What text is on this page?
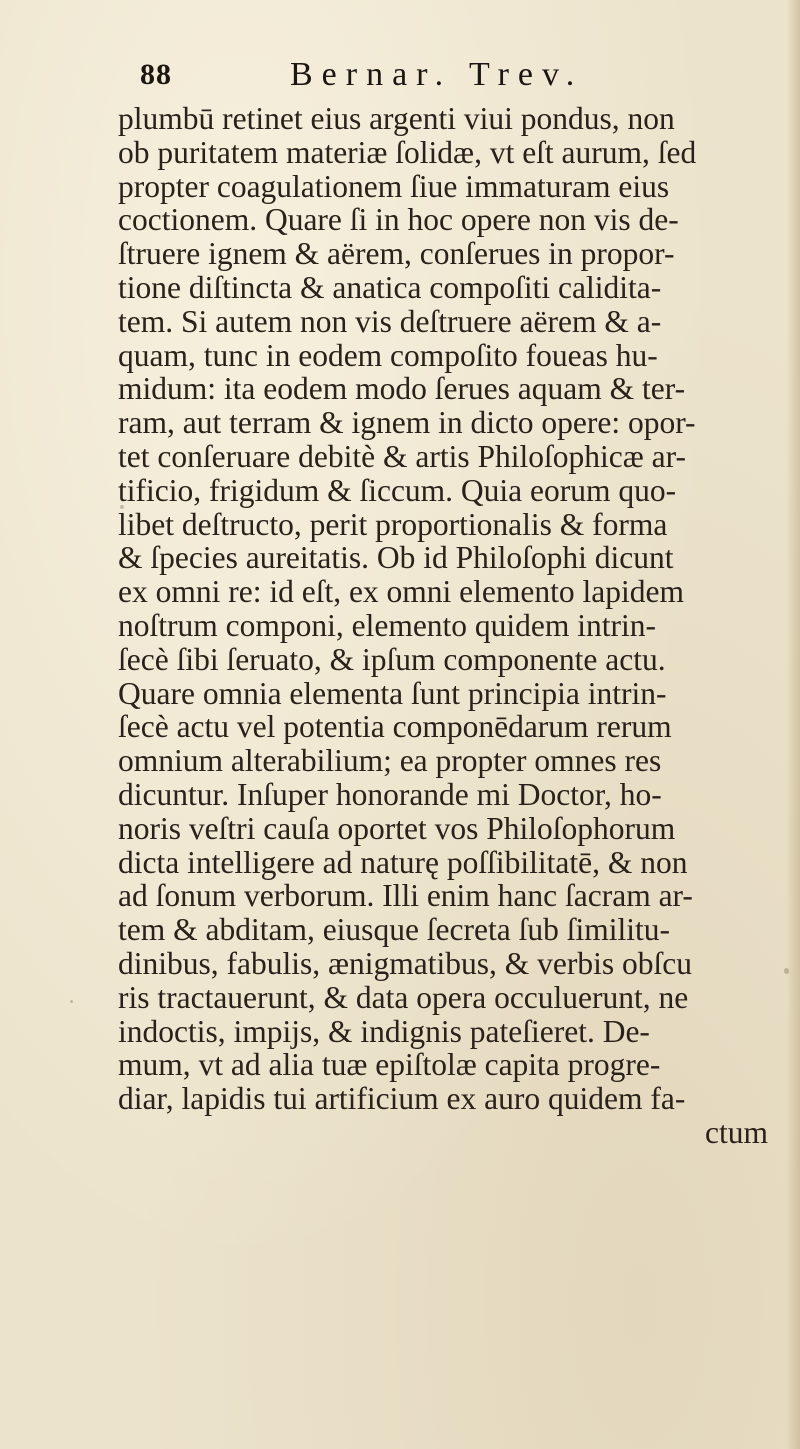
88	Bernar. Trev.
plumbū retinet eius argenti viui pondus, non
ob puritatem materiæ ſolidæ, vt eſt aurum, ſed
propter coagulationem ſiue immaturam eius
coctionem. Quare ſi in hoc opere non vis de-
ſtruere ignem & aërem, conſerues in propor-
tione diſtincta & anatica compoſiti calidita-
tem. Si autem non vis deſtruere aërem & a-
quam, tunc in eodem compoſito foueas hu-
midum: ita eodem modo ſerues aquam & ter-
ram, aut terram & ignem in dicto opere: opor-
tet conſeruare debitè & artis Philoſophicæ ar-
tificio, frigidum & ſiccum. Quia eorum quo-
libet deſtructo, perit proportionalis & forma
& ſpecies aureitatis. Ob id Philoſophi dicunt
ex omni re: id eſt, ex omni elemento lapidem
noſtrum componi, elemento quidem intrin-
ſecè ſibi ſeruato, & ipſum componente actu.
Quare omnia elementa ſunt principia intrin-
ſecè actu vel potentia componēdarum rerum
omnium alterabilium; ea propter omnes res
dicuntur. Inſuper honorande mi Doctor, ho-
noris veſtri cauſa oportet vos Philoſophorum
dicta intelligere ad naturę poſſibilitatē, & non
ad ſonum verborum. Illi enim hanc ſacram ar-
tem & abditam, eiusque ſecreta ſub ſimilitu-
dinibus, fabulis, ænigmatibus, & verbis obſcu
ris tractauerunt, & data opera occuluerunt, ne
indoctis, impijs, & indignis pateſieret. De-
mum, vt ad alia tuæ epiſtolæ capita progre-
diar, lapidis tui artificium ex auro quidem fa-
ctum
